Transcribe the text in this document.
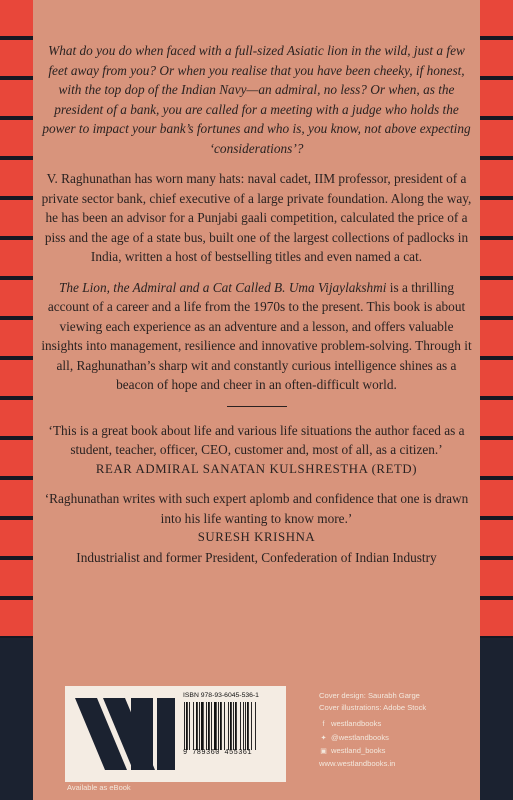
What do you do when faced with a full-sized Asiatic lion in the wild, just a few feet away from you? Or when you realise that you have been cheeky, if honest, with the top dop of the Indian Navy—an admiral, no less? Or when, as the president of a bank, you are called for a meeting with a judge who holds the power to impact your bank’s fortunes and who is, you know, not above expecting ‘considerations’?

V. Raghunathan has worn many hats: naval cadet, IIM professor, president of a private sector bank, chief executive of a large private foundation. Along the way, he has been an advisor for a Punjabi gaali competition, calculated the price of a piss and the age of a state bus, built one of the largest collections of padlocks in India, written a host of bestselling titles and even named a cat.

The Lion, the Admiral and a Cat Called B. Uma Vijaylakshmi is a thrilling account of a career and a life from the 1970s to the present. This book is about viewing each experience as an adventure and a lesson, and offers valuable insights into management, resilience and innovative problem-solving. Through it all, Raghunathan’s sharp wit and constantly curious intelligence shines as a beacon of hope and cheer in an often-difficult world.

‘This is a great book about life and various life situations the author faced as a student, teacher, officer, CEO, customer and, most of all, as a citizen.’

REAR ADMIRAL SANATAN KULSHRESTHA (RETD)

‘Raghunathan writes with such expert aplomb and confidence that one is drawn into his life wanting to know more.’

SURESH KRISHNA

Industrialist and former President, Confederation of Indian Industry

ISBN 978-93-6045-536-1
9 789360 455361
Available as eBook
Cover design: Saurabh Garge
Cover illustrations: Adobe Stock
f westlandbooks
✦ @westlandbooks
▣ westland_books
www.westlandbooks.in
